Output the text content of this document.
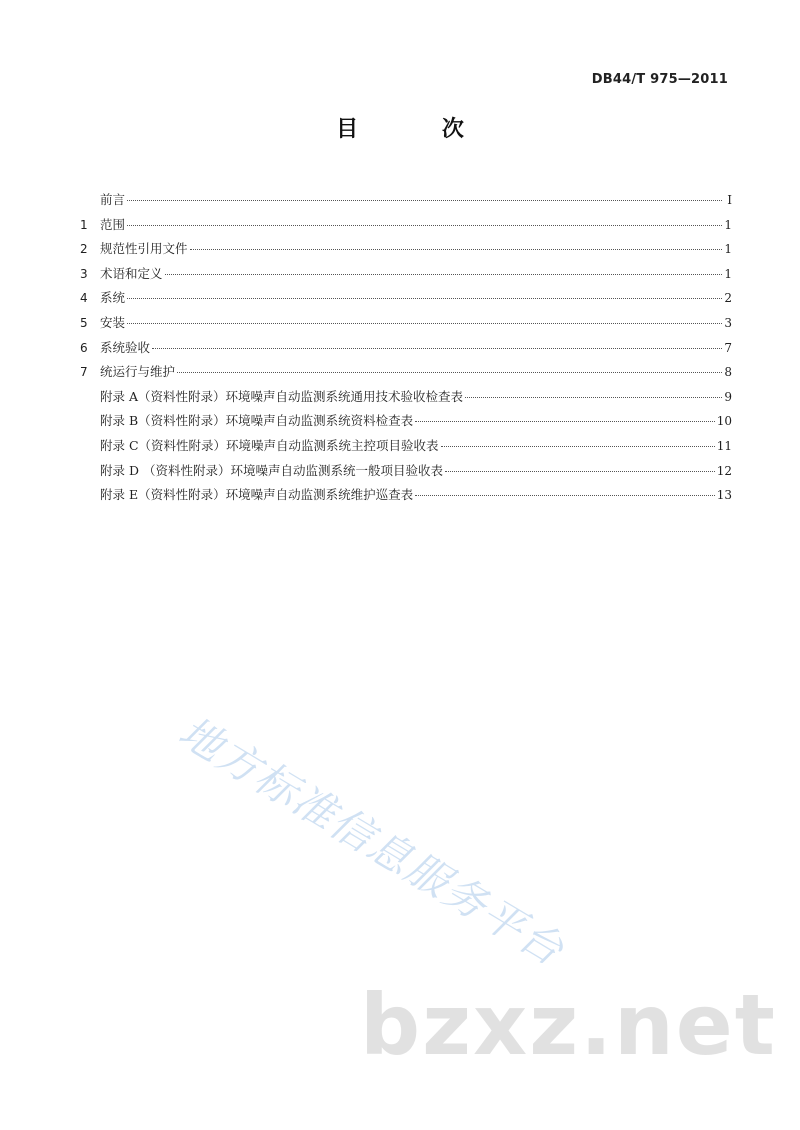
DB44/T 975—2011
目 次
前言	I
1 范围	1
2 规范性引用文件	1
3 术语和定义	1
4 系统	2
5 安装	3
6 系统验收	7
7 统运行与维护	8
附录 A（资料性附录）环境噪声自动监测系统通用技术验收检查表	9
附录 B（资料性附录）环境噪声自动监测系统资料检查表	10
附录 C（资料性附录）环境噪声自动监测系统主控项目验收表	11
附录 D （资料性附录）环境噪声自动监测系统一般项目验收表	12
附录 E（资料性附录）环境噪声自动监测系统维护巡查表	13
地方标准信息服务平台
bzxz.net
